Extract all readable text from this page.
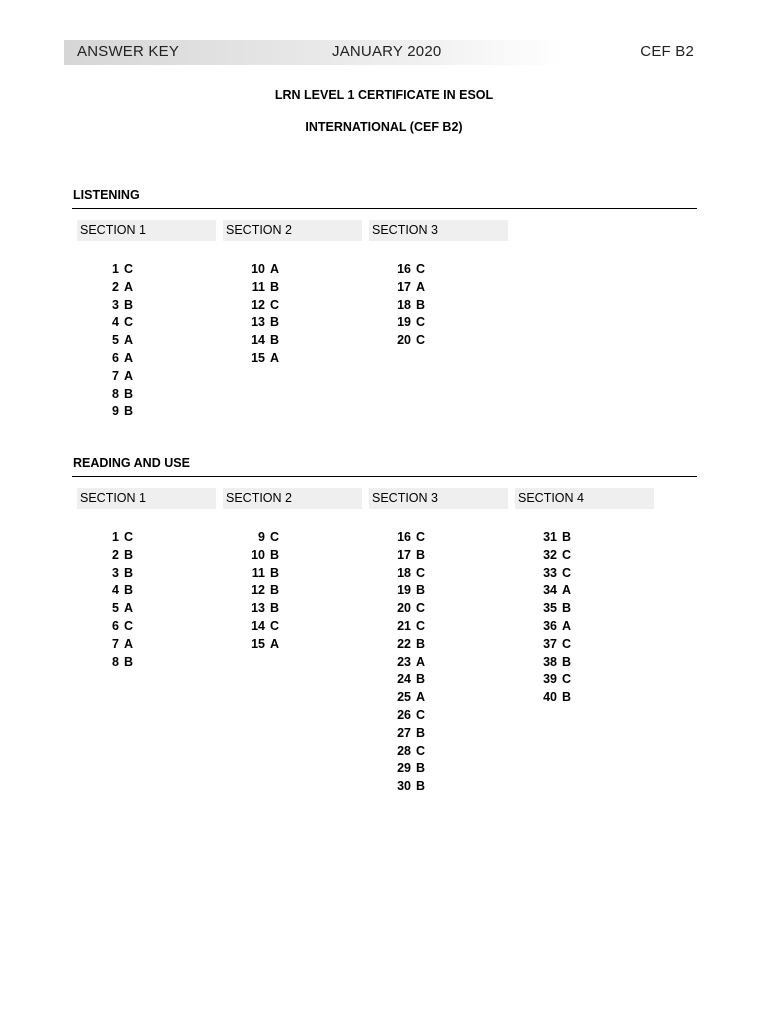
ANSWER KEY	JANUARY 2020	CEF B2
LRN LEVEL 1 CERTIFICATE IN ESOL
INTERNATIONAL (CEF B2)
LISTENING
SECTION 1
1 C
2 A
3 B
4 C
5 A
6 A
7 A
8 B
9 B
SECTION 2
10 A
11 B
12 C
13 B
14 B
15 A
SECTION 3
16 C
17 A
18 B
19 C
20 C
READING AND USE
SECTION 1
1 C
2 B
3 B
4 B
5 A
6 C
7 A
8 B
SECTION 2
9 C
10 B
11 B
12 B
13 B
14 C
15 A
SECTION 3
16 C
17 B
18 C
19 B
20 C
21 C
22 B
23 A
24 B
25 A
26 C
27 B
28 C
29 B
30 B
SECTION 4
31 B
32 C
33 C
34 A
35 B
36 A
37 C
38 B
39 C
40 B
